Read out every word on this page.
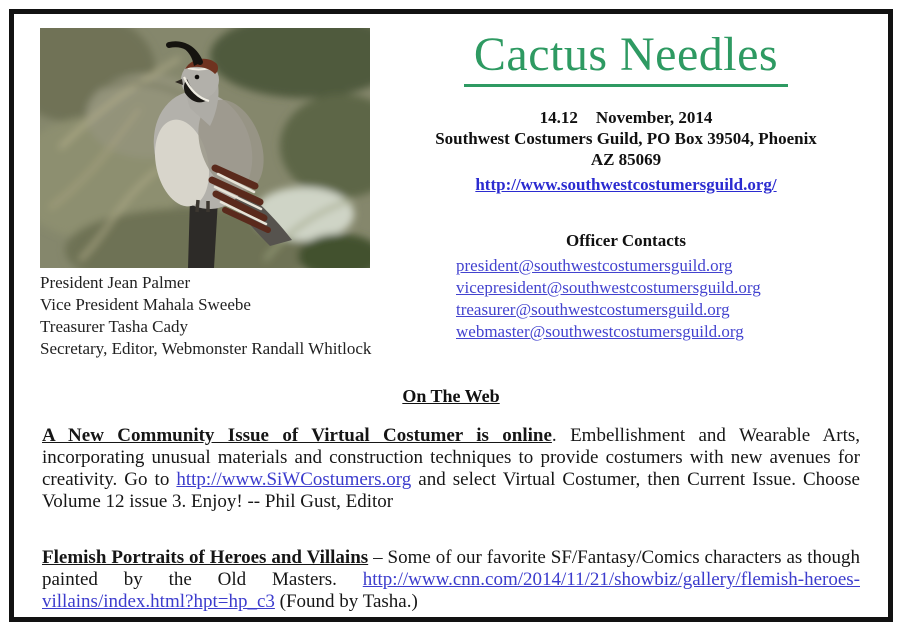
President Jean Palmer
Vice President Mahala Sweebe
Treasurer Tasha Cady
Secretary, Editor, Webmonster Randall Whitlock
Cactus Needles
14.12 November, 2014
Southwest Costumers Guild, PO Box 39504, Phoenix
AZ 85069
http://www.southwestcostumersguild.org/
Officer Contacts
president@southwestcostumersguild.org
vicepresident@southwestcostumersguild.org
treasurer@southwestcostumersguild.org
webmaster@southwestcostumersguild.org
On The Web

A New Community Issue of Virtual Costumer is online. Embellishment and Wearable Arts, incorporating unusual materials and construction techniques to provide costumers with new avenues for creativity. Go to http://www.SiWCostumers.org and select Virtual Costumer, then Current Issue. Choose Volume 12 issue 3. Enjoy! -- Phil Gust, Editor

Flemish Portraits of Heroes and Villains – Some of our favorite SF/Fantasy/Comics characters as though painted by the Old Masters. http://www.cnn.com/2014/11/21/showbiz/gallery/flemish-heroes-villains/index.html?hpt=hp_c3 (Found by Tasha.)
